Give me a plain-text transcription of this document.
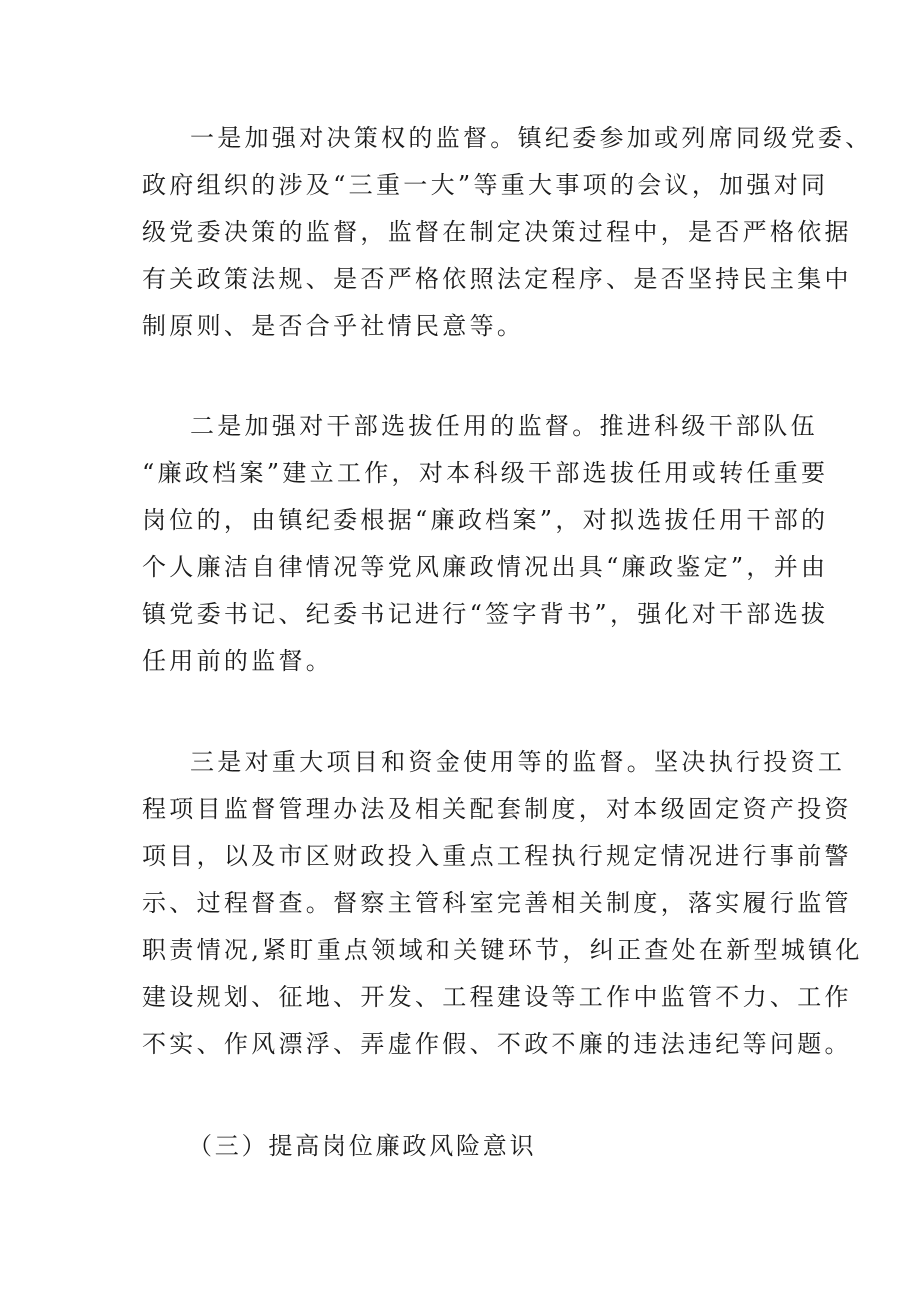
一是加强对决策权的监督。镇纪委参加或列席同级党委、
政府组织的涉及“三重一大”等重大事项的会议，加强对同
级党委决策的监督，监督在制定决策过程中，是否严格依据
有关政策法规、是否严格依照法定程序、是否坚持民主集中
制原则、是否合乎社情民意等。
二是加强对干部选拔任用的监督。推进科级干部队伍
“廉政档案”建立工作，对本科级干部选拔任用或转任重要
岗位的，由镇纪委根据“廉政档案”，对拟选拔任用干部的
个人廉洁自律情况等党风廉政情况出具“廉政鉴定”，并由
镇党委书记、纪委书记进行“签字背书”，强化对干部选拔
任用前的监督。
三是对重大项目和资金使用等的监督。坚决执行投资工
程项目监督管理办法及相关配套制度，对本级固定资产投资
项目，以及市区财政投入重点工程执行规定情况进行事前警
示、过程督查。督察主管科室完善相关制度，落实履行监管
职责情况,紧盯重点领域和关键环节，纠正查处在新型城镇化
建设规划、征地、开发、工程建设等工作中监管不力、工作
不实、作风漂浮、弄虚作假、不政不廉的违法违纪等问题。
（三）提高岗位廉政风险意识
